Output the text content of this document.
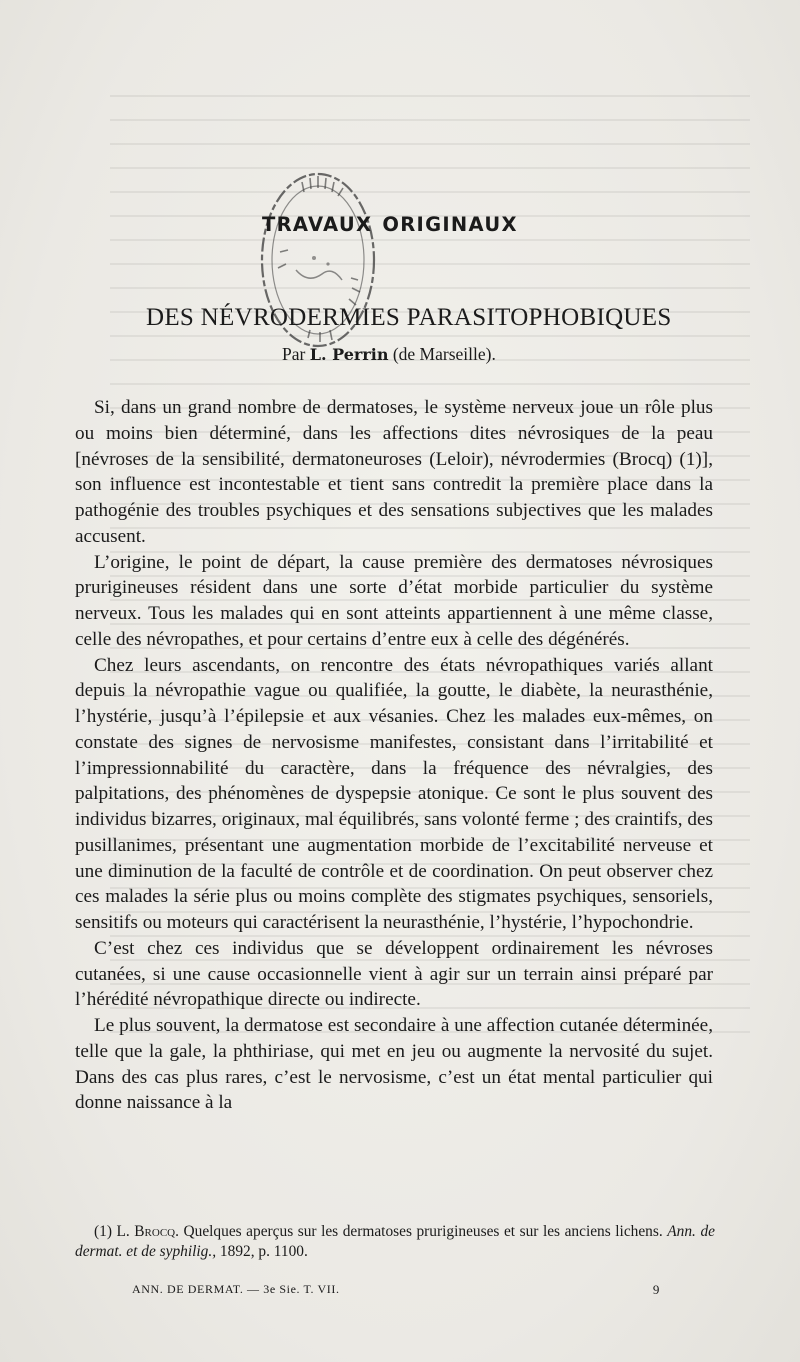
TRAVAUX ORIGINAUX
DES NÉVRODERMIES PARASITOPHOBIQUES
Par L. Perrin (de Marseille).

Si, dans un grand nombre de dermatoses, le système nerveux joue un rôle plus ou moins bien déterminé, dans les affections dites névrosiques de la peau [névroses de la sensibilité, dermatoneuroses (Leloir), névrodermies (Brocq) (1)], son influence est incontestable et tient sans contredit la première place dans la pathogénie des troubles psychiques et des sensations subjectives que les malades accusent.

L’origine, le point de départ, la cause première des dermatoses névrosiques prurigineuses résident dans une sorte d’état morbide particulier du système nerveux. Tous les malades qui en sont atteints appartiennent à une même classe, celle des névropathes, et pour certains d’entre eux à celle des dégénérés.

Chez leurs ascendants, on rencontre des états névropathiques variés allant depuis la névropathie vague ou qualifiée, la goutte, le diabète, la neurasthénie, l’hystérie, jusqu’à l’épilepsie et aux vésanies. Chez les malades eux-mêmes, on constate des signes de nervosisme manifestes, consistant dans l’irritabilité et l’impressionnabilité du caractère, dans la fréquence des névralgies, des palpitations, des phénomènes de dyspepsie atonique. Ce sont le plus souvent des individus bizarres, originaux, mal équilibrés, sans volonté ferme ; des craintifs, des pusillanimes, présentant une augmentation morbide de l’excitabilité nerveuse et une diminution de la faculté de contrôle et de coordination. On peut observer chez ces malades la série plus ou moins complète des stigmates psychiques, sensoriels, sensitifs ou moteurs qui caractérisent la neurasthénie, l’hystérie, l’hypochondrie.

C’est chez ces individus que se développent ordinairement les névroses cutanées, si une cause occasionnelle vient à agir sur un terrain ainsi préparé par l’hérédité névropathique directe ou indirecte.

Le plus souvent, la dermatose est secondaire à une affection cutanée déterminée, telle que la gale, la phthiriase, qui met en jeu ou augmente la nervosité du sujet. Dans des cas plus rares, c’est le nervosisme, c’est un état mental particulier qui donne naissance à la

(1) L. Brocq. Quelques aperçus sur les dermatoses prurigineuses et sur les anciens lichens. Ann. de dermat. et de syphilig., 1892, p. 1100.

ANN. DE DERMAT. — 3e Sie. T. VII.	9
